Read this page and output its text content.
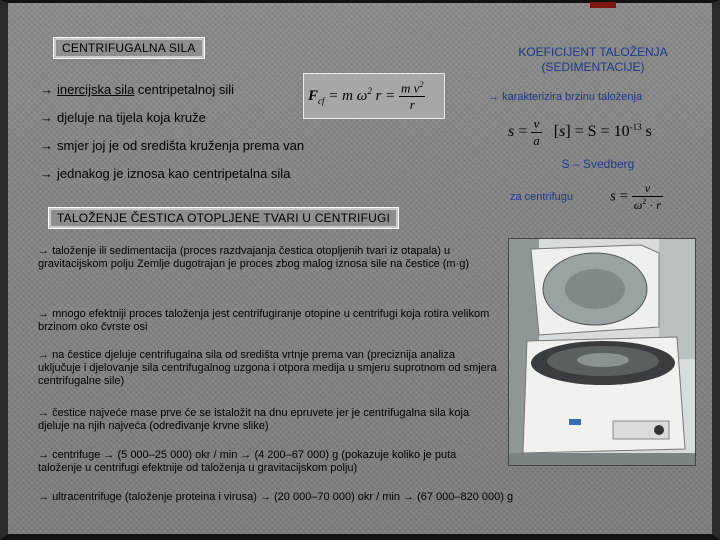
CENTRIFUGALNA SILA
→ inercijska sila centripetalnoj sili
→ djeluje na tijela koja kruže
→ smjer joj je od središta kruženja prema van
→ jednakog je iznosa kao centripetalna sila
$F_{cf} = m$ $\omega^2$ $r = \frac{m v^2}{r}$
TALOŽENJE ČESTICA OTOPLJENE TVARI U CENTRIFUGI
→ taloženje ili sedimentacija (proces razdvajanja čestica otopljenih tvari iz otapala) u gravitacijskom polju Zemlje dugotrajan je proces zbog malog iznosa sile na čestice (m·g)
→ mnogo efektniji proces taloženja jest centrifugiranje otopine u centrifugi koja rotira velikom brzinom oko čvrste osi
→ na čestice djeluje centrifugalna sila od središta vrtnje prema van (preciznija analiza uključuje i djelovanje sila centrifugalnog uzgona i otpora medija u smjeru suprotnom od smjera centrifugalne sile)
→ čestice najveće mase prve će se istaložit na dnu epruvete jer je centrifugalna sila koja djeluje na njih najveća (određivanje krvne slike)
→ centrifuge → (5 000–25 000) okr / min → (4 200–67 000) g (pokazuje koliko je puta taloženje u centrifugi efektnije od taloženja u gravitacijskom polju)
→ ultracentrifuge (taloženje proteina i virusa) → (20 000–70 000) okr / min → (67 000–820 000) g
KOEFICIJENT TALOŽENJA
(SEDIMENTACIJE)
→ karakterizira brzinu taloženja
$s = \frac{v}{a} [s] = S = 10^{-13}$ s
S – Svedberg
za centrifugu $s = \frac{v}{\omega^2 \cdot r}$
